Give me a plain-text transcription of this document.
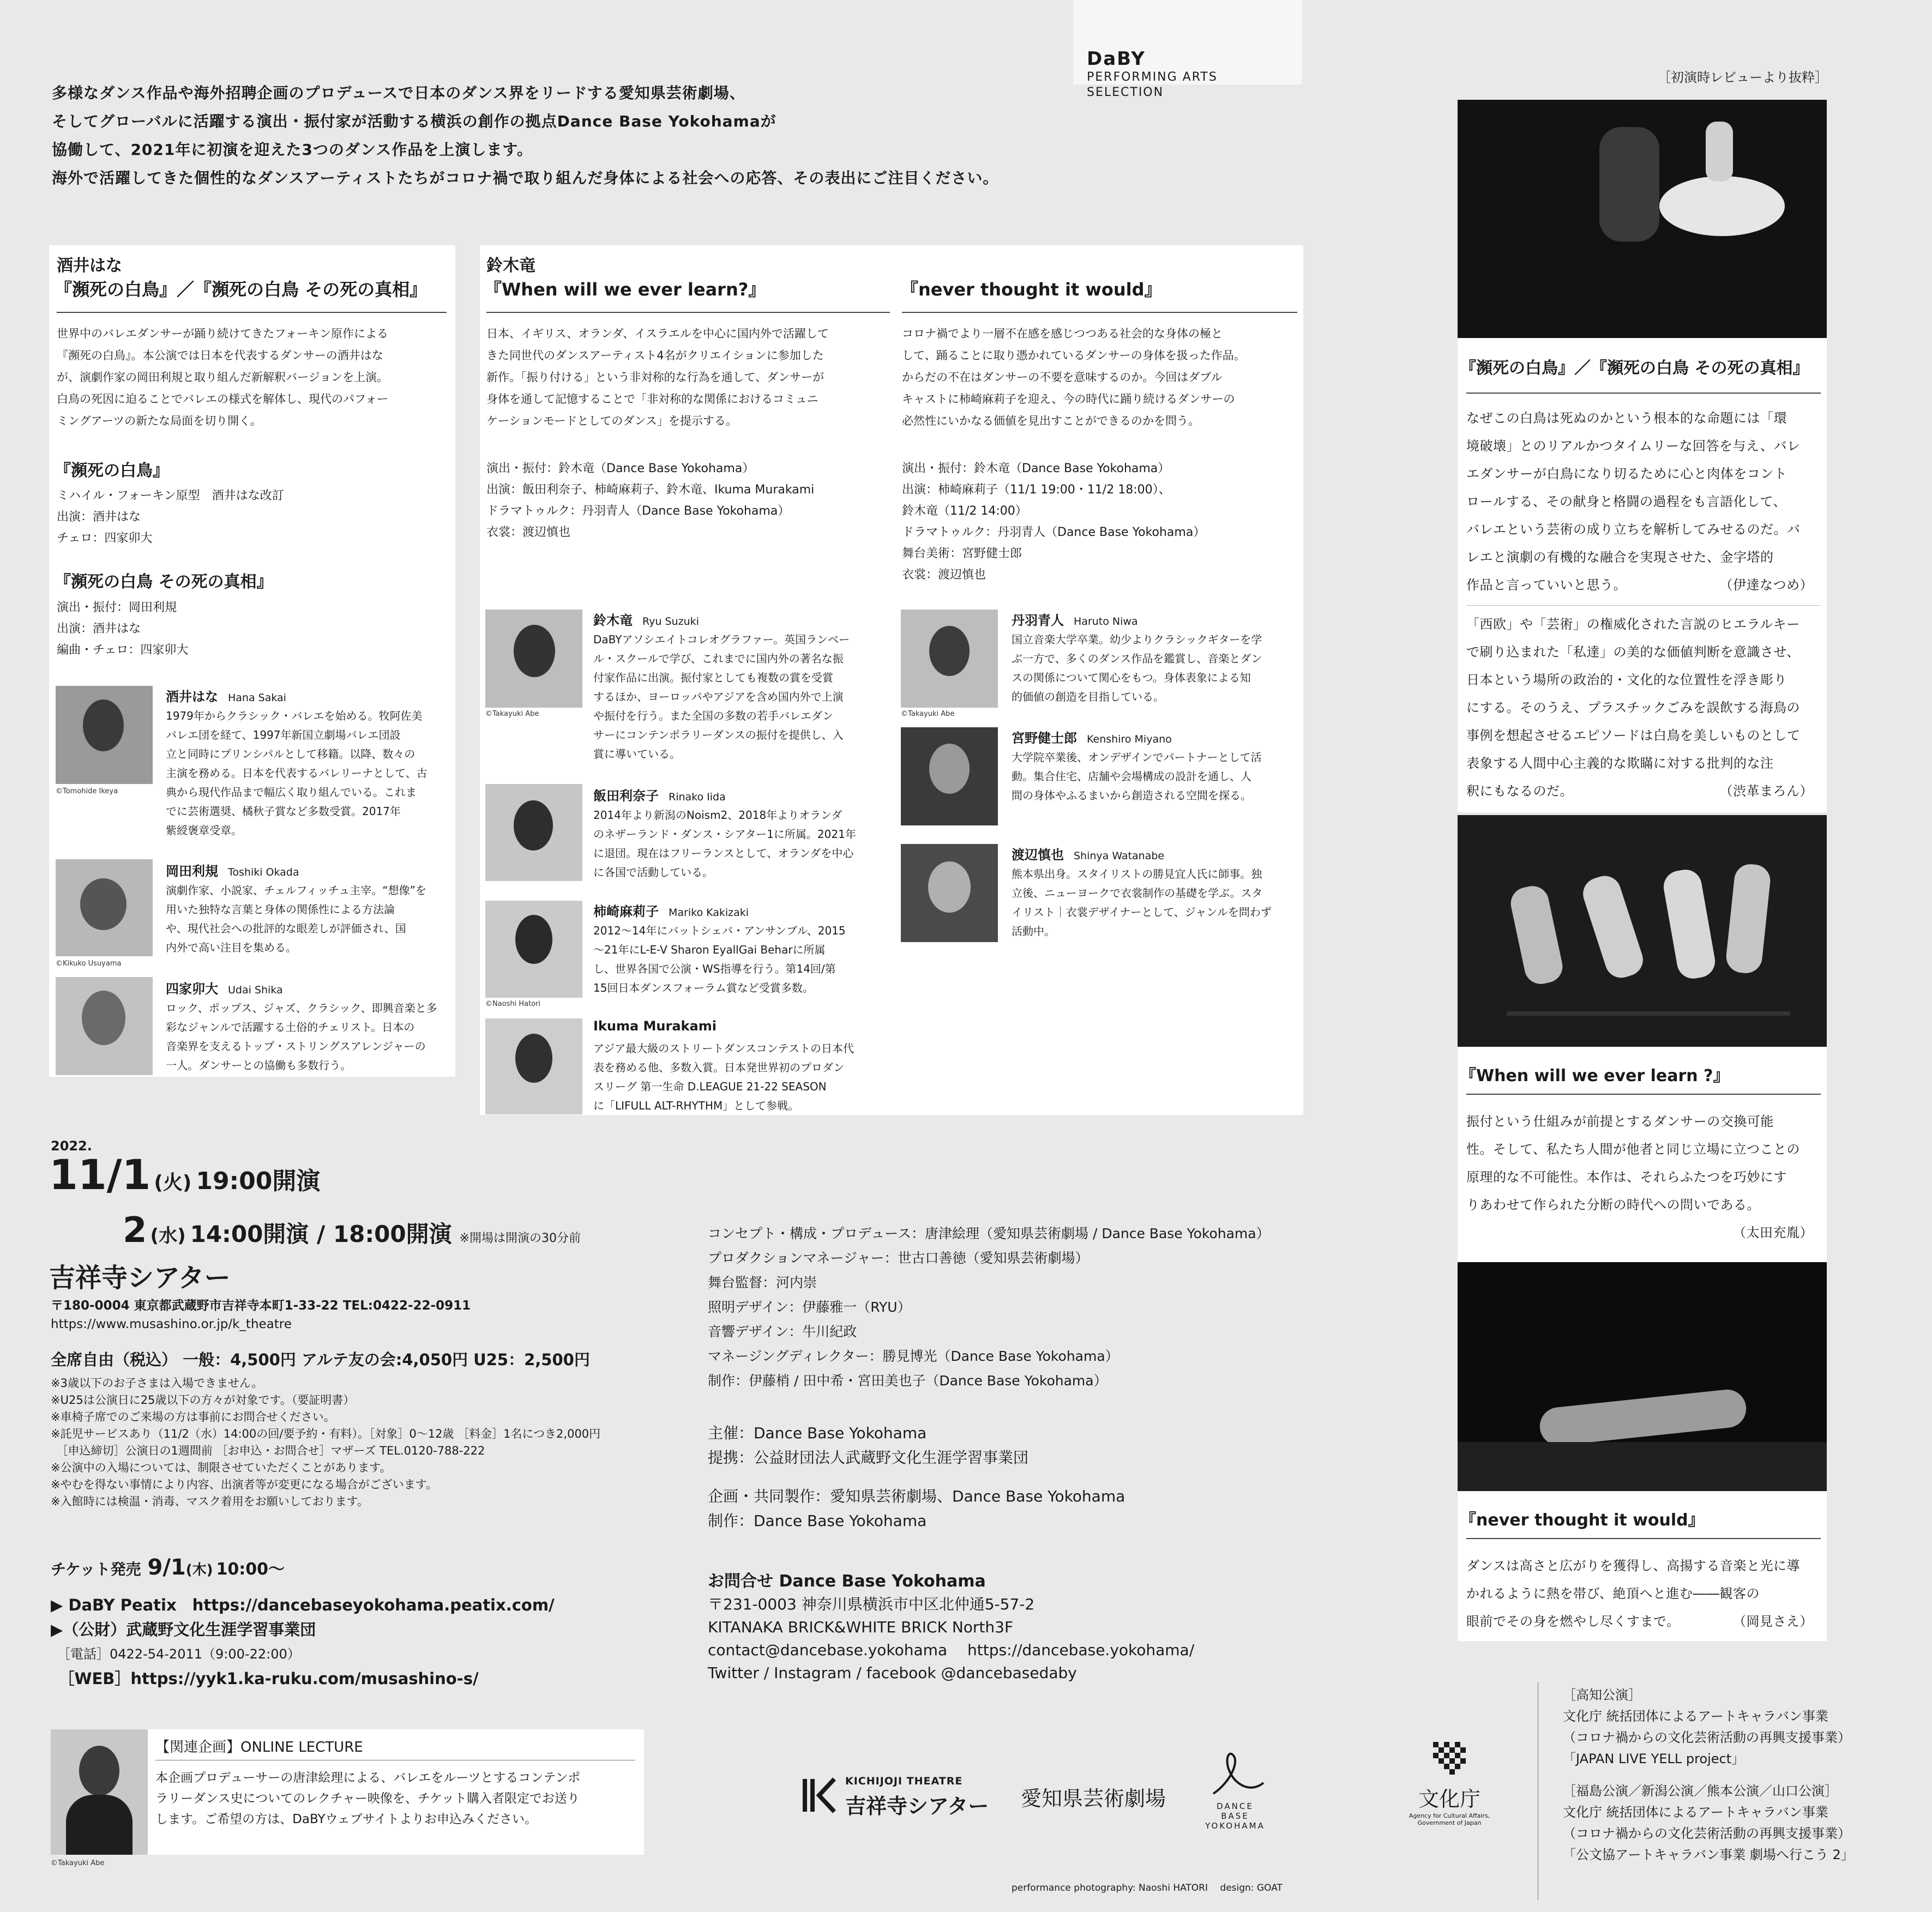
DaBY
PERFORMING ARTS
SELECTION

多様なダンス作品や海外招聘企画のプロデュースで日本のダンス界をリードする愛知県芸術劇場、

そしてグローバルに活躍する演出・振付家が活動する横浜の創作の拠点Dance Base Yokohamaが

協働して、2021年に初演を迎えた3つのダンス作品を上演します。

海外で活躍してきた個性的なダンスアーティストたちがコロナ禍で取り組んだ身体による社会への応答、その表出にご注目ください。

酒井はな
『瀕死の白鳥』／『瀕死の白鳥 その死の真相』
世界中のバレエダンサーが踊り続けてきたフォーキン原作による
『瀕死の白鳥』。本公演では日本を代表するダンサーの酒井はな
が、演劇作家の岡田利規と取り組んだ新解釈バージョンを上演。
白鳥の死因に迫ることでバレエの様式を解体し、現代のパフォー
ミングアーツの新たな局面を切り開く。
『瀕死の白鳥』
ミハイル・フォーキン原型　酒井はな改訂
出演：酒井はな
チェロ：四家卯大
『瀕死の白鳥 その死の真相』
演出・振付：岡田利規
出演：酒井はな
編曲・チェロ：四家卯大
©Tomohide Ikeya
酒井はな Hana Sakai
1979年からクラシック・バレエを始める。牧阿佐美
バレエ団を経て、1997年新国立劇場バレエ団設
立と同時にプリンシパルとして移籍。以降、数々の
主演を務める。日本を代表するバレリーナとして、古
典から現代作品まで幅広く取り組んでいる。これま
でに芸術選奨、橘秋子賞など多数受賞。2017年
紫綬褒章受章。
©Kikuko Usuyama
岡田利規 Toshiki Okada
演劇作家、小説家、チェルフィッチュ主宰。“想像”を
用いた独特な言葉と身体の関係性による方法論
や、現代社会への批評的な眼差しが評価され、国
内外で高い注目を集める。
四家卯大 Udai Shika
ロック、ポップス、ジャズ、クラシック、即興音楽と多
彩なジャンルで活躍する土俗的チェリスト。日本の
音楽界を支えるトップ・ストリングスアレンジャーの
一人。ダンサーとの協働も多数行う。
鈴木竜
『When will we ever learn?』	『never thought it would』
日本、イギリス、オランダ、イスラエルを中心に国内外で活躍して
きた同世代のダンスアーティスト4名がクリエイションに参加した
新作。「振り付ける」という非対称的な行為を通して、ダンサーが
身体を通して記憶することで「非対称的な関係におけるコミュニ
ケーションモードとしてのダンス」を提示する。
コロナ禍でより一層不在感を感じつつある社会的な身体の極と
して、踊ることに取り憑かれているダンサーの身体を扱った作品。
からだの不在はダンサーの不要を意味するのか。今回はダブル
キャストに柿崎麻莉子を迎え、今の時代に踊り続けるダンサーの
必然性にいかなる価値を見出すことができるのかを問う。
演出・振付：鈴木竜（Dance Base Yokohama）
出演：飯田利奈子、柿崎麻莉子、鈴木竜、Ikuma Murakami
ドラマトゥルク：丹羽青人（Dance Base Yokohama）
衣裳：渡辺慎也
演出・振付：鈴木竜（Dance Base Yokohama）
出演：柿崎麻莉子（11/1 19:00・11/2 18:00）、
鈴木竜（11/2 14:00）
ドラマトゥルク：丹羽青人（Dance Base Yokohama）
舞台美術：宮野健士郎
衣裳：渡辺慎也
©Takayuki Abe
鈴木竜 Ryu Suzuki
DaBYアソシエイトコレオグラファー。英国ランベー
ル・スクールで学び、これまでに国内外の著名な振
付家作品に出演。振付家としても複数の賞を受賞
するほか、ヨーロッパやアジアを含め国内外で上演
や振付を行う。また全国の多数の若手バレエダン
サーにコンテンポラリーダンスの振付を提供し、入
賞に導いている。
飯田利奈子 Rinako Iida
2014年より新潟のNoism2、2018年よりオランダ
のネザーランド・ダンス・シアター1に所属。2021年
に退団。現在はフリーランスとして、オランダを中心
に各国で活動している。
©Naoshi Hatori
柿崎麻莉子 Mariko Kakizaki
2012～14年にバットシェバ・アンサンブル、2015
～21年にL-E-V Sharon EyallGai Beharに所属
し、世界各国で公演・WS指導を行う。第14回/第
15回日本ダンスフォーラム賞など受賞多数。
Ikuma Murakami
アジア最大級のストリートダンスコンテストの日本代
表を務める他、多数入賞。日本発世界初のプロダン
スリーグ 第一生命 D.LEAGUE 21-22 SEASON
に「LIFULL ALT-RHYTHM」として参戦。
©Takayuki Abe
丹羽青人 Haruto Niwa
国立音楽大学卒業。幼少よりクラシックギターを学
ぶ一方で、多くのダンス作品を鑑賞し、音楽とダン
スの関係について関心をもつ。身体表象による知
的価値の創造を目指している。
宮野健士郎 Kenshiro Miyano
大学院卒業後、オンデザインでパートナーとして活
動。集合住宅、店舗や会場構成の設計を通し、人
間の身体やふるまいから創造される空間を探る。
渡辺慎也 Shinya Watanabe
熊本県出身。スタイリストの勝見宜人氏に師事。独
立後、ニューヨークで衣裳制作の基礎を学ぶ。スタ
イリスト｜衣裳デザイナーとして、ジャンルを問わず
活動中。
［初演時レビューより抜粋］
『瀕死の白鳥』／『瀕死の白鳥 その死の真相』
なぜこの白鳥は死ぬのかという根本的な命題には「環
境破壊」とのリアルかつタイムリーな回答を与え、バレ
エダンサーが白鳥になり切るために心と肉体をコント
ロールする、その献身と格闘の過程をも言語化して、
バレエという芸術の成り立ちを解析してみせるのだ。バ
レエと演劇の有機的な融合を実現させた、金字塔的
作品と言っていいと思う。	（伊達なつめ）
「西欧」や「芸術」の権威化された言説のヒエラルキー
で刷り込まれた「私達」の美的な価値判断を意識させ、
日本という場所の政治的・文化的な位置性を浮き彫り
にする。そのうえ、プラスチックごみを誤飲する海鳥の
事例を想起させるエピソードは白鳥を美しいものとして
表象する人間中心主義的な欺瞞に対する批判的な注
釈にもなるのだ。	（渋革まろん）
『When will we ever learn ?』
振付という仕組みが前提とするダンサーの交換可能
性。そして、私たち人間が他者と同じ立場に立つことの
原理的な不可能性。本作は、それらふたつを巧妙にす
りあわせて作られた分断の時代への問いである。
（太田充胤）
『never thought it would』
ダンスは高さと広がりを獲得し、高揚する音楽と光に導
かれるように熱を帯び、絶頂へと進む――観客の
眼前でその身を燃やし尽くすまで。	（岡見さえ）
2022.
11/1 (火) 19:00開演
2 (水) 14:00開演 / 18:00開演 ※開場は開演の30分前
吉祥寺シアター
〒180-0004 東京都武蔵野市吉祥寺本町1-33-22 TEL:0422-22-0911
https://www.musashino.or.jp/k_theatre
全席自由（税込） 一般：4,500円 アルテ友の会:4,050円 U25：2,500円
※3歳以下のお子さまは入場できません。
※U25は公演日に25歳以下の方々が対象です。（要証明書）
※車椅子席でのご来場の方は事前にお問合せください。
※託児サービスあり（11/2（水）14:00の回/要予約・有料）。［対象］0～12歳 ［料金］1名につき2,000円
　［申込締切］公演日の1週間前 ［お申込・お問合せ］マザーズ TEL.0120-788-222
※公演中の入場については、制限させていただくことがあります。
※やむを得ない事情により内容、出演者等が変更になる場合がございます。
※入館時には検温・消毒、マスク着用をお願いしております。
チケット発売 9/1(木) 10:00～
▶ DaBY Peatix　https://dancebaseyokohama.peatix.com/
▶（公財）武蔵野文化生涯学習事業団
　［電話］0422-54-2011（9:00-22:00）
　［WEB］https://yyk1.ka-ruku.com/musashino-s/
コンセプト・構成・プロデュース：唐津絵理（愛知県芸術劇場 / Dance Base Yokohama）
プロダクションマネージャー：世古口善徳（愛知県芸術劇場）
舞台監督：河内崇
照明デザイン：伊藤雅一（RYU）
音響デザイン：牛川紀政
マネージングディレクター：勝見博光（Dance Base Yokohama）
制作：伊藤梢 / 田中希・宮田美也子（Dance Base Yokohama）
主催：Dance Base Yokohama
提携：公益財団法人武蔵野文化生涯学習事業団
企画・共同製作：愛知県芸術劇場、Dance Base Yokohama
制作：Dance Base Yokohama
お問合せ Dance Base Yokohama
〒231-0003 神奈川県横浜市中区北仲通5-57-2
KITANAKA BRICK&WHITE BRICK North3F
contact@dancebase.yokohama　 https://dancebase.yokohama/
Twitter / Instagram / facebook @dancebasedaby
©Takayuki Abe
【関連企画】ONLINE LECTURE
本企画プロデューサーの唐津絵理による、バレエをルーツとするコンテンポ
ラリーダンス史についてのレクチャー映像を、チケット購入者限定でお送り
します。ご希望の方は、DaBYウェブサイトよりお申込みください。
KICHIJOJI THEATRE
吉祥寺シアター 愛知県芸術劇場	DANCE
BASE
YOKOHAMA
文化庁
Agency for Cultural Affairs,
Government of Japan
［高知公演］
文化庁 統括団体によるアートキャラバン事業
（コロナ禍からの文化芸術活動の再興支援事業）
「JAPAN LIVE YELL project」
［福島公演／新潟公演／熊本公演／山口公演］
文化庁 統括団体によるアートキャラバン事業
（コロナ禍からの文化芸術活動の再興支援事業）
「公文協アートキャラバン事業 劇場へ行こう 2」
performance photography: Naoshi HATORI　 design: GOAT
